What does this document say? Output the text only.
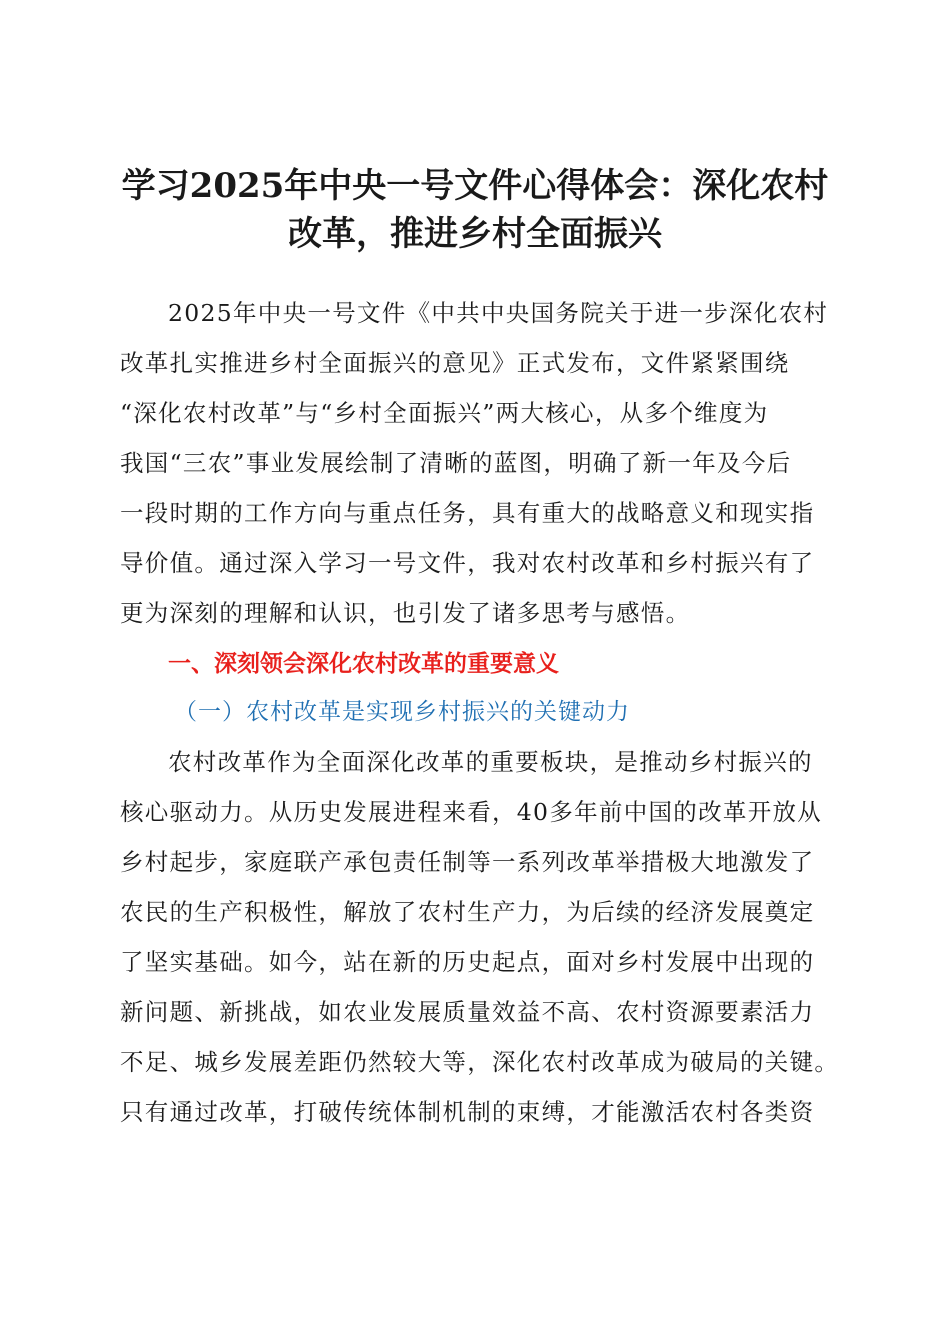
学习2025年中央一号文件心得体会：深化农村
改革，推进乡村全面振兴
2025年中央一号文件《中共中央国务院关于进一步深化农村
改革扎实推进乡村全面振兴的意见》正式发布，文件紧紧围绕
“深化农村改革”与“乡村全面振兴”两大核心，从多个维度为
我国“三农”事业发展绘制了清晰的蓝图，明确了新一年及今后
一段时期的工作方向与重点任务，具有重大的战略意义和现实指
导价值。通过深入学习一号文件，我对农村改革和乡村振兴有了
更为深刻的理解和认识，也引发了诸多思考与感悟。
一、深刻领会深化农村改革的重要意义
（一）农村改革是实现乡村振兴的关键动力
农村改革作为全面深化改革的重要板块，是推动乡村振兴的
核心驱动力。从历史发展进程来看，40多年前中国的改革开放从
乡村起步，家庭联产承包责任制等一系列改革举措极大地激发了
农民的生产积极性，解放了农村生产力，为后续的经济发展奠定
了坚实基础。如今，站在新的历史起点，面对乡村发展中出现的
新问题、新挑战，如农业发展质量效益不高、农村资源要素活力
不足、城乡发展差距仍然较大等，深化农村改革成为破局的关键。
只有通过改革，打破传统体制机制的束缚，才能激活农村各类资
